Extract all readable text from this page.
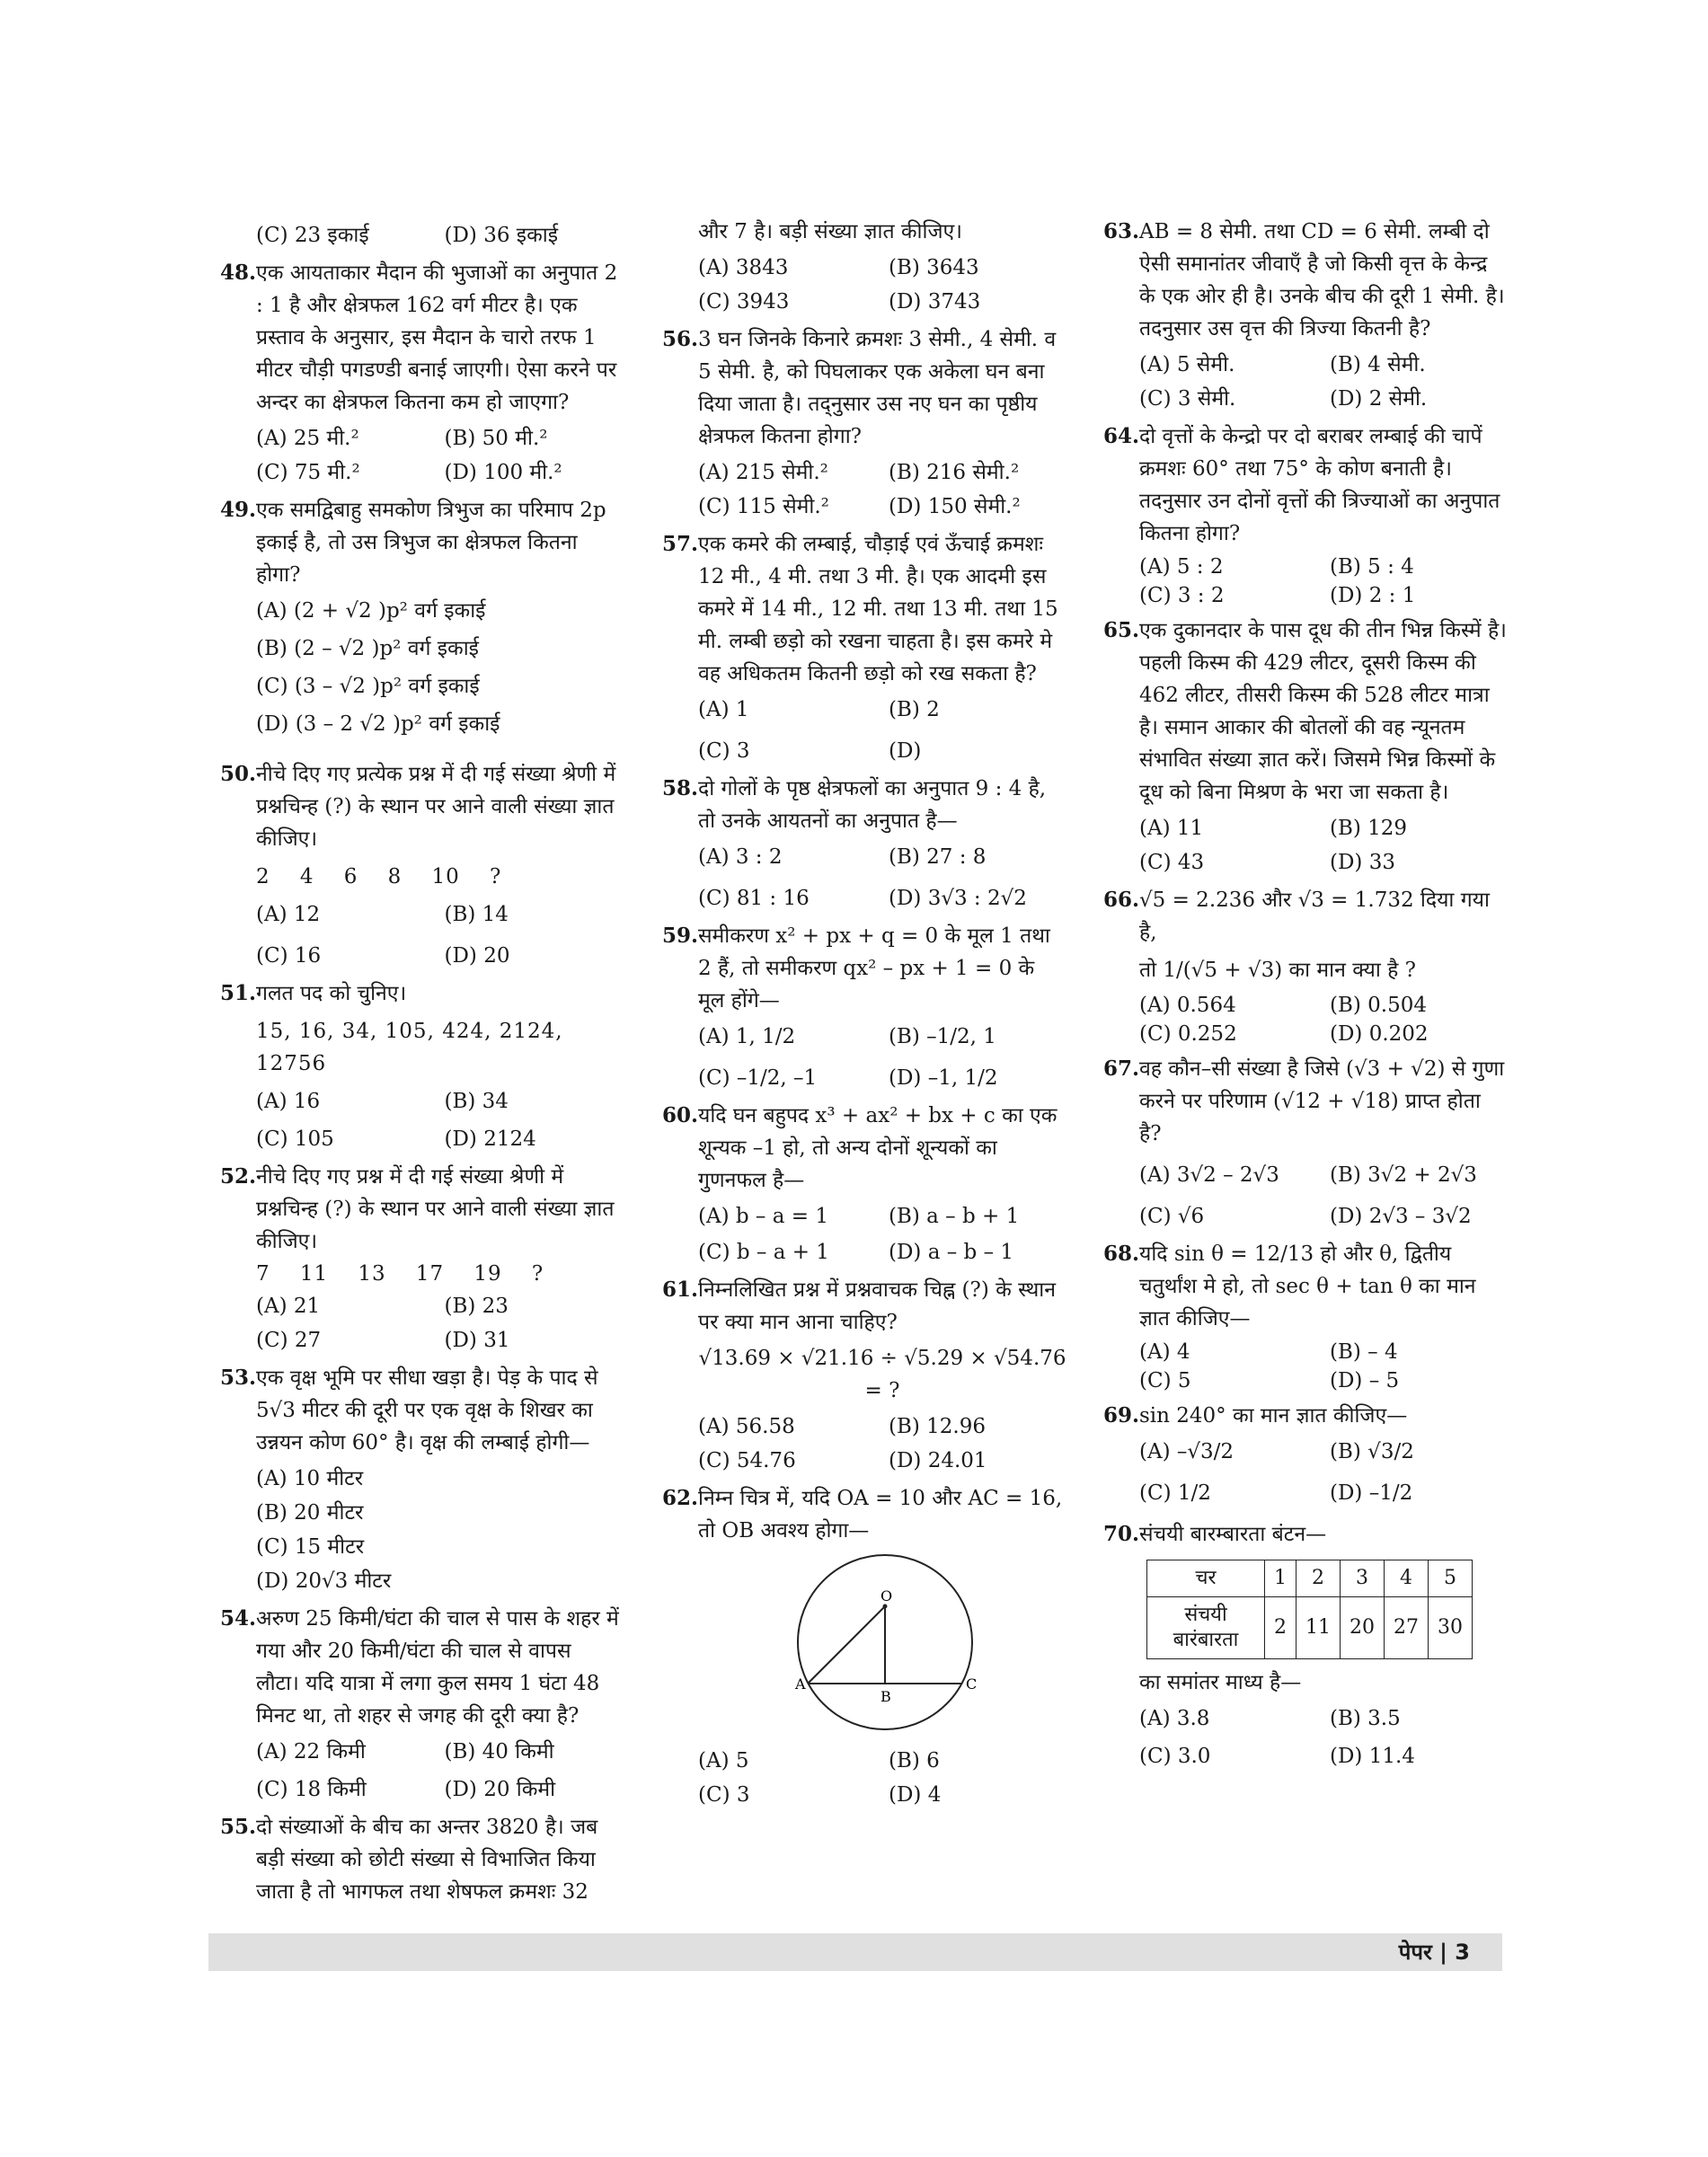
(C) 23 इकाई	(D) 36 इकाई
48. एक आयताकार मैदान की भुजाओं का अनुपात 2 : 1 है और क्षेत्रफल 162 वर्ग मीटर है। एक प्रस्ताव के अनुसार, इस मैदान के चारो तरफ 1 मीटर चौड़ी पगडण्डी बनाई जाएगी। ऐसा करने पर अन्दर का क्षेत्रफल कितना कम हो जाएगा?
(A) 25 मी.²	(B) 50 मी.²
(C) 75 मी.²	(D) 100 मी.²
49. एक समद्विबाहु समकोण त्रिभुज का परिमाप 2p इकाई है, तो उस त्रिभुज का क्षेत्रफल कितना होगा?
(A) (2 + √2 )p² वर्ग इकाई
(B) (2 – √2 )p² वर्ग इकाई
(C) (3 – √2 )p² वर्ग इकाई
(D) (3 – 2 √2 )p² वर्ग इकाई
50. नीचे दिए गए प्रत्येक प्रश्न में दी गई संख्या श्रेणी में प्रश्नचिन्ह (?) के स्थान पर आने वाली संख्या ज्ञात कीजिए।
2    4    6    8    10    ?
(A) 12	(B) 14
(C) 16	(D) 20
51. गलत पद को चुनिए।
15, 16, 34, 105, 424, 2124, 12756
(A) 16	(B) 34
(C) 105	(D) 2124
52. नीचे दिए गए प्रश्न में दी गई संख्या श्रेणी में प्रश्नचिन्ह (?) के स्थान पर आने वाली संख्या ज्ञात कीजिए।
7    11    13    17    19    ?
(A) 21	(B) 23
(C) 27	(D) 31
53. एक वृक्ष भूमि पर सीधा खड़ा है। पेड़ के पाद से 5√3 मीटर की दूरी पर एक वृक्ष के शिखर का उन्नयन कोण 60° है। वृक्ष की लम्बाई होगी—
(A) 10 मीटर
(B) 20 मीटर
(C) 15 मीटर
(D) 20√3 मीटर
54. अरुण 25 किमी/घंटा की चाल से पास के शहर में गया और 20 किमी/घंटा की चाल से वापस लौटा। यदि यात्रा में लगा कुल समय 1 घंटा 48 मिनट था, तो शहर से जगह की दूरी क्या है?
(A) 22 किमी	(B) 40 किमी
(C) 18 किमी	(D) 20 किमी
55. दो संख्याओं के बीच का अन्तर 3820 है। जब बड़ी संख्या को छोटी संख्या से विभाजित किया जाता है तो भागफल तथा शेषफल क्रमशः 32
और 7 है। बड़ी संख्या ज्ञात कीजिए।
(A) 3843	(B) 3643
(C) 3943	(D) 3743
56. 3 घन जिनके किनारे क्रमशः 3 सेमी., 4 सेमी. व 5 सेमी. है, को पिघलाकर एक अकेला घन बना दिया जाता है। तद्नुसार उस नए घन का पृष्ठीय क्षेत्रफल कितना होगा?
(A) 215 सेमी.²	(B) 216 सेमी.²
(C) 115 सेमी.²	(D) 150 सेमी.²
57. एक कमरे की लम्बाई, चौड़ाई एवं ऊँचाई क्रमशः 12 मी., 4 मी. तथा 3 मी. है। एक आदमी इस कमरे में 14 मी., 12 मी. तथा 13 मी. तथा 15 मी. लम्बी छड़ो को रखना चाहता है। इस कमरे मे वह अधिकतम कितनी छड़ो को रख सकता है?
(A) 1	(B) 2
(C) 3	(D)
58. दो गोलों के पृष्ठ क्षेत्रफलों का अनुपात 9 : 4 है, तो उनके आयतनों का अनुपात है—
(A) 3 : 2	(B) 27 : 8
(C) 81 : 16	(D) 3√3 : 2√2
59. समीकरण x² + px + q = 0 के मूल 1 तथा 2 हैं, तो समीकरण qx² – px + 1 = 0 के मूल होंगे—
(A) 1, 1/2	(B) –1/2, 1
(C) –1/2, –1	(D) –1, 1/2
60. यदि घन बहुपद x³ + ax² + bx + c का एक शून्यक –1 हो, तो अन्य दोनों शून्यकों का गुणनफल है—
(A) b – a = 1	(B) a – b + 1
(C) b – a + 1	(D) a – b – 1
61. निम्नलिखित प्रश्न में प्रश्नवाचक चिह्न (?) के स्थान पर क्या मान आना चाहिए?
√13.69 × √21.16 ÷ √5.29 × √54.76 = ?
(A) 56.58	(B) 12.96
(C) 54.76	(D) 24.01
62. निम्न चित्र में, यदि OA = 10 और AC = 16, तो OB अवश्य होगा—
O
A
B
C
(A) 5	(B) 6
(C) 3	(D) 4
63. AB = 8 सेमी. तथा CD = 6 सेमी. लम्बी दो ऐसी समानांतर जीवाएँ है जो किसी वृत्त के केन्द्र के एक ओर ही है। उनके बीच की दूरी 1 सेमी. है। तदनुसार उस वृत्त की त्रिज्या कितनी है?
(A) 5 सेमी.	(B) 4 सेमी.
(C) 3 सेमी.	(D) 2 सेमी.
64. दो वृत्तों के केन्द्रो पर दो बराबर लम्बाई की चापें क्रमशः 60° तथा 75° के कोण बनाती है। तदनुसार उन दोनों वृत्तों की त्रिज्याओं का अनुपात कितना होगा?
(A) 5 : 2	(B) 5 : 4
(C) 3 : 2	(D) 2 : 1
65. एक दुकानदार के पास दूध की तीन भिन्न किस्में है। पहली किस्म की 429 लीटर, दूसरी किस्म की 462 लीटर, तीसरी किस्म की 528 लीटर मात्रा है। समान आकार की बोतलों की वह न्यूनतम संभावित संख्या ज्ञात करें। जिसमे भिन्न किस्मों के दूध को बिना मिश्रण के भरा जा सकता है।
(A) 11	(B) 129
(C) 43	(D) 33
66. √5 = 2.236 और √3 = 1.732 दिया गया है,
तो 1/(√5 + √3) का मान क्या है ?
(A) 0.564	(B) 0.504
(C) 0.252	(D) 0.202
67. वह कौन–सी संख्या है जिसे (√3 + √2) से गुणा करने पर परिणाम (√12 + √18) प्राप्त होता है?
(A) 3√2 – 2√3	(B) 3√2 + 2√3
(C) √6	(D) 2√3 – 3√2
68. यदि sin θ = 12/13 हो और θ, द्वितीय चतुर्थांश मे हो, तो sec θ + tan θ का मान ज्ञात कीजिए—
(A) 4	(B) – 4
(C) 5	(D) – 5
69. sin 240° का मान ज्ञात कीजिए—
(A) –√3/2	(B) √3/2
(C) 1/2	(D) –1/2
70. संचयी बारम्बारता बंटन—
चर	1	2	3	4	5
संचयी बारंबारता	2	11	20	27	30
का समांतर माध्य है—
(A) 3.8	(B) 3.5
(C) 3.0	(D) 11.4
पेपर | 3
